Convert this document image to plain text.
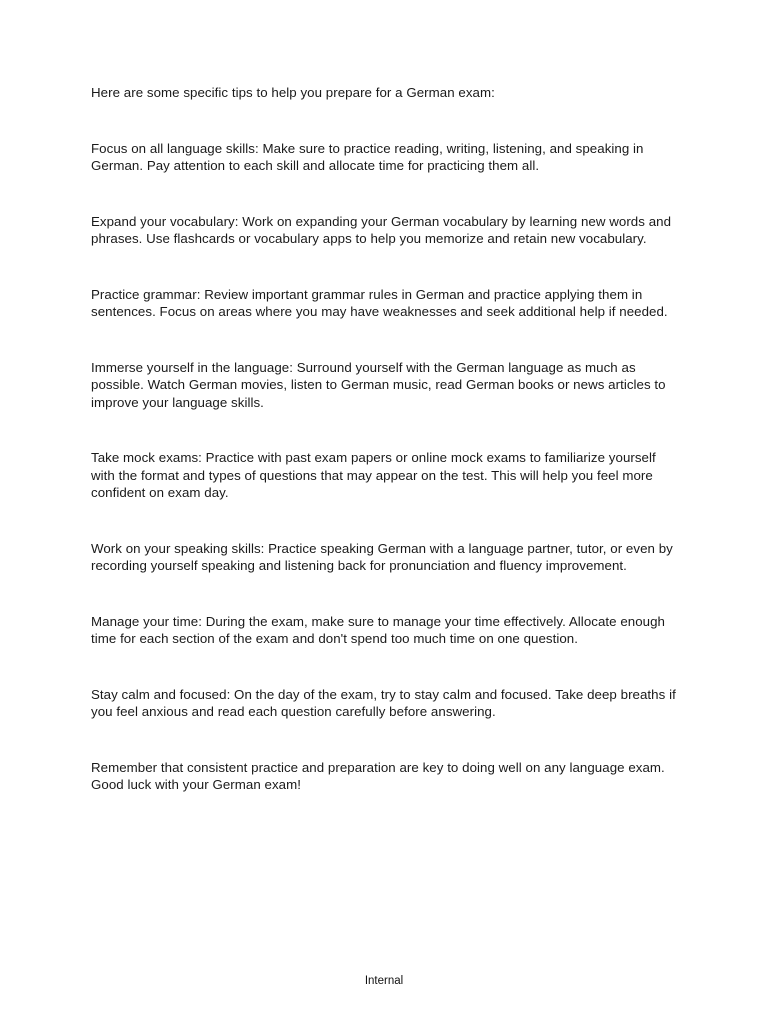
Here are some specific tips to help you prepare for a German exam:

Focus on all language skills: Make sure to practice reading, writing, listening, and speaking in German. Pay attention to each skill and allocate time for practicing them all.

Expand your vocabulary: Work on expanding your German vocabulary by learning new words and phrases. Use flashcards or vocabulary apps to help you memorize and retain new vocabulary.

Practice grammar: Review important grammar rules in German and practice applying them in sentences. Focus on areas where you may have weaknesses and seek additional help if needed.

Immerse yourself in the language: Surround yourself with the German language as much as possible. Watch German movies, listen to German music, read German books or news articles to improve your language skills.

Take mock exams: Practice with past exam papers or online mock exams to familiarize yourself with the format and types of questions that may appear on the test. This will help you feel more confident on exam day.

Work on your speaking skills: Practice speaking German with a language partner, tutor, or even by recording yourself speaking and listening back for pronunciation and fluency improvement.

Manage your time: During the exam, make sure to manage your time effectively. Allocate enough time for each section of the exam and don't spend too much time on one question.

Stay calm and focused: On the day of the exam, try to stay calm and focused. Take deep breaths if you feel anxious and read each question carefully before answering.

Remember that consistent practice and preparation are key to doing well on any language exam. Good luck with your German exam!

Internal
